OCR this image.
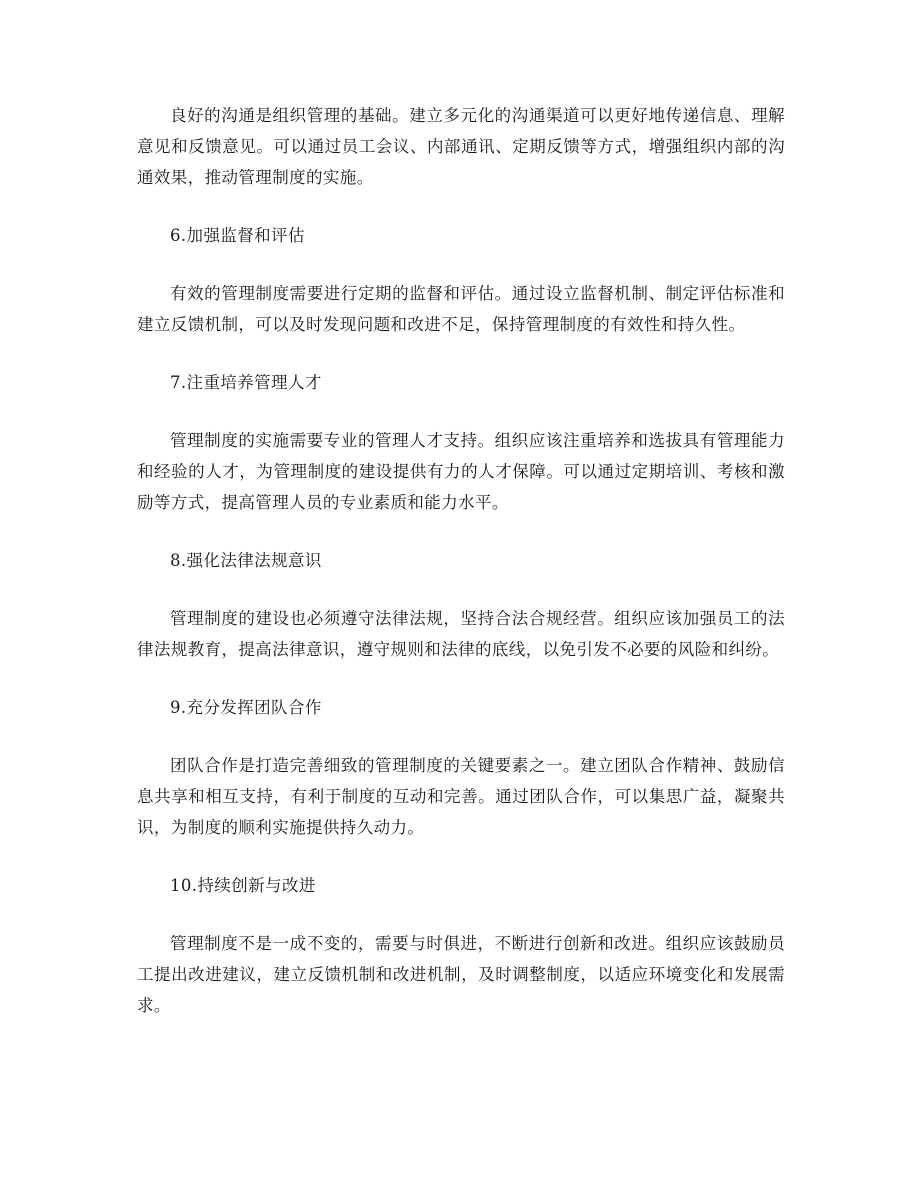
良好的沟通是组织管理的基础。建立多元化的沟通渠道可以更好地传递信息、理解意见和反馈意见。可以通过员工会议、内部通讯、定期反馈等方式，增强组织内部的沟通效果，推动管理制度的实施。

6.加强监督和评估

有效的管理制度需要进行定期的监督和评估。通过设立监督机制、制定评估标准和建立反馈机制，可以及时发现问题和改进不足，保持管理制度的有效性和持久性。

7.注重培养管理人才

管理制度的实施需要专业的管理人才支持。组织应该注重培养和选拔具有管理能力和经验的人才，为管理制度的建设提供有力的人才保障。可以通过定期培训、考核和激励等方式，提高管理人员的专业素质和能力水平。

8.强化法律法规意识

管理制度的建设也必须遵守法律法规，坚持合法合规经营。组织应该加强员工的法律法规教育，提高法律意识，遵守规则和法律的底线，以免引发不必要的风险和纠纷。

9.充分发挥团队合作

团队合作是打造完善细致的管理制度的关键要素之一。建立团队合作精神、鼓励信息共享和相互支持，有利于制度的互动和完善。通过团队合作，可以集思广益，凝聚共识，为制度的顺利实施提供持久动力。

10.持续创新与改进

管理制度不是一成不变的，需要与时俱进，不断进行创新和改进。组织应该鼓励员工提出改进建议，建立反馈机制和改进机制，及时调整制度，以适应环境变化和发展需求。
